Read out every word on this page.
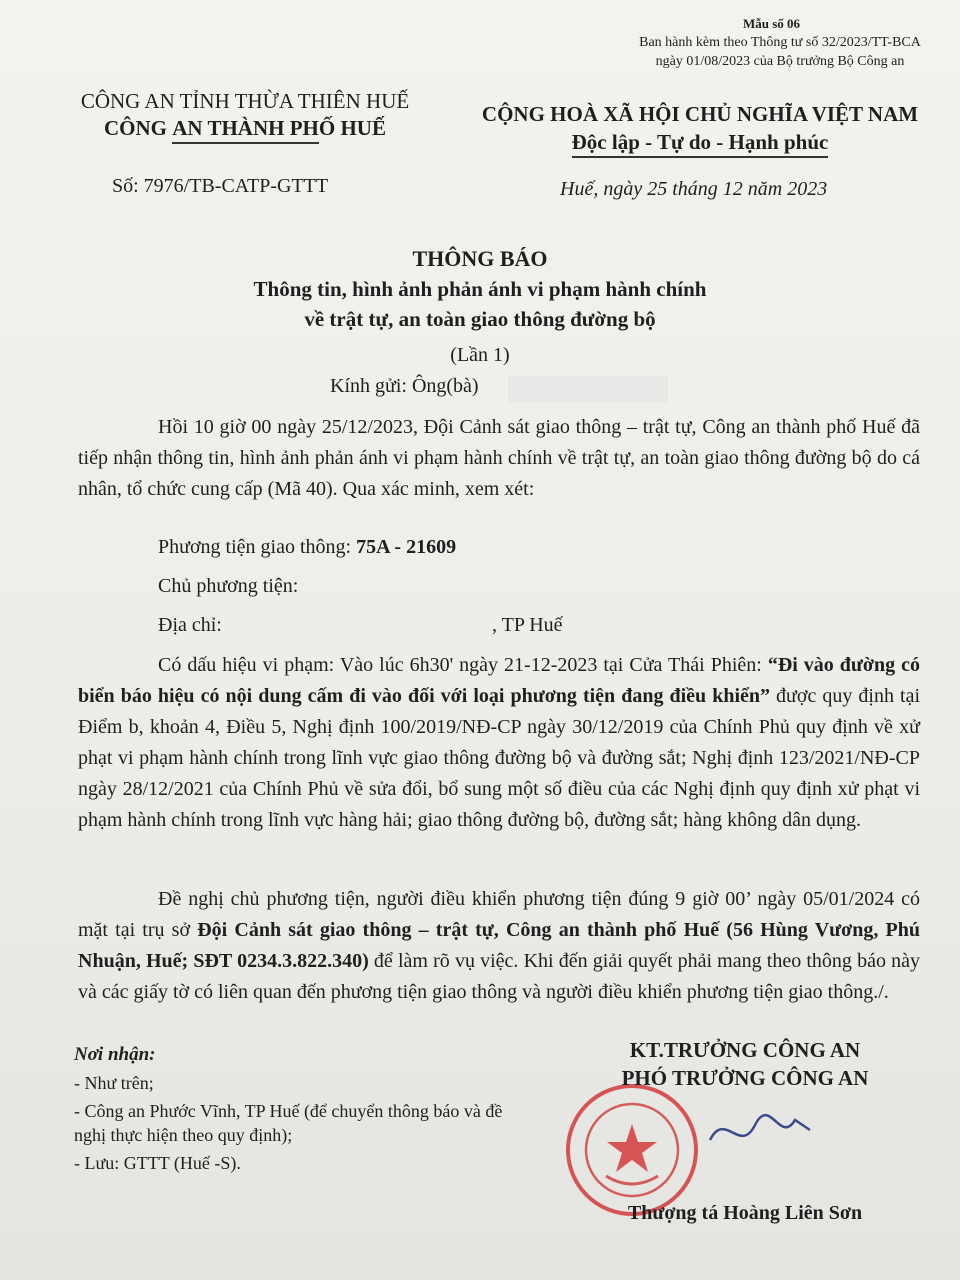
Mẫu số 06
Ban hành kèm theo Thông tư số 32/2023/TT-BCA
ngày 01/08/2023 của Bộ trưởng Bộ Công an
CÔNG AN TỈNH THỪA THIÊN HUẾ
CÔNG AN THÀNH PHỐ HUẾ
CỘNG HOÀ XÃ HỘI CHỦ NGHĨA VIỆT NAM
Độc lập - Tự do - Hạnh phúc
Số: 7976/TB-CATP-GTTT	Huế, ngày 25 tháng 12 năm 2023
THÔNG BÁO
Thông tin, hình ảnh phản ánh vi phạm hành chính
về trật tự, an toàn giao thông đường bộ
(Lần 1)
Kính gửi: Ông(bà)

Hồi 10 giờ 00 ngày 25/12/2023, Đội Cảnh sát giao thông – trật tự, Công an thành phố Huế đã tiếp nhận thông tin, hình ảnh phản ánh vi phạm hành chính về trật tự, an toàn giao thông đường bộ do cá nhân, tổ chức cung cấp (Mã 40). Qua xác minh, xem xét:

Phương tiện giao thông: 75A - 21609
Chủ phương tiện:
Địa chỉ:	, TP Huế

Có dấu hiệu vi phạm: Vào lúc 6h30' ngày 21-12-2023 tại Cửa Thái Phiên: “Đi vào đường có biển báo hiệu có nội dung cấm đi vào đối với loại phương tiện đang điều khiển” được quy định tại Điểm b, khoản 4, Điều 5, Nghị định 100/2019/NĐ-CP ngày 30/12/2019 của Chính Phủ quy định về xử phạt vi phạm hành chính trong lĩnh vực giao thông đường bộ và đường sắt; Nghị định 123/2021/NĐ-CP ngày 28/12/2021 của Chính Phủ về sửa đổi, bổ sung một số điều của các Nghị định quy định xử phạt vi phạm hành chính trong lĩnh vực hàng hải; giao thông đường bộ, đường sắt; hàng không dân dụng.

Đề nghị chủ phương tiện, người điều khiển phương tiện đúng 9 giờ 00’ ngày 05/01/2024 có mặt tại trụ sở Đội Cảnh sát giao thông – trật tự, Công an thành phố Huế (56 Hùng Vương, Phú Nhuận, Huế; SĐT 0234.3.822.340) để làm rõ vụ việc. Khi đến giải quyết phải mang theo thông báo này và các giấy tờ có liên quan đến phương tiện giao thông và người điều khiển phương tiện giao thông./.

Nơi nhận:
- Như trên;
- Công an Phước Vĩnh, TP Huế (để chuyển thông báo và đề nghị thực hiện theo quy định);
- Lưu: GTTT (Huế -S).
KT.TRƯỞNG CÔNG AN
PHÓ TRƯỞNG CÔNG AN
Thượng tá Hoàng Liên Sơn
